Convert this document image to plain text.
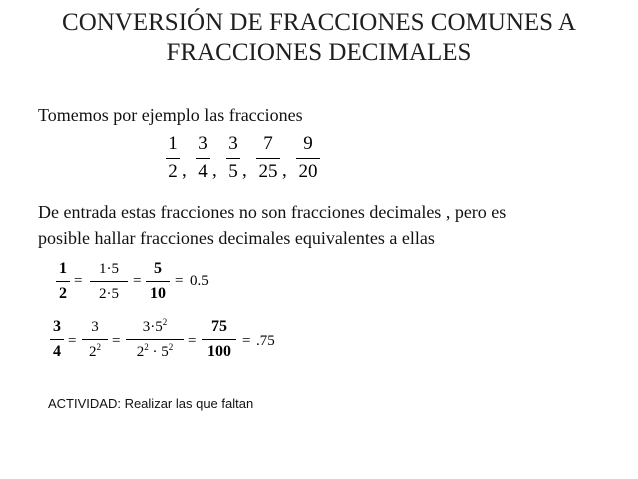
CONVERSIÓN DE FRACCIONES COMUNES A
FRACCIONES DECIMALES
Tomemos por ejemplo las fracciones
1
2 ,
3
4 ,
3
5 ,
7
25 ,
9
20
De entrada estas fracciones no son fracciones decimales , pero es
posible hallar fracciones decimales equivalentes a ellas
1
2
=
1·5
2·5
=
5
10
= 0.5
3
4
=
3
$2^2$ =
$3\cdot 5^2$
$2^2 \cdot 5^2$ =
75
100
= .75
ACTIVIDAD: Realizar las que faltan
